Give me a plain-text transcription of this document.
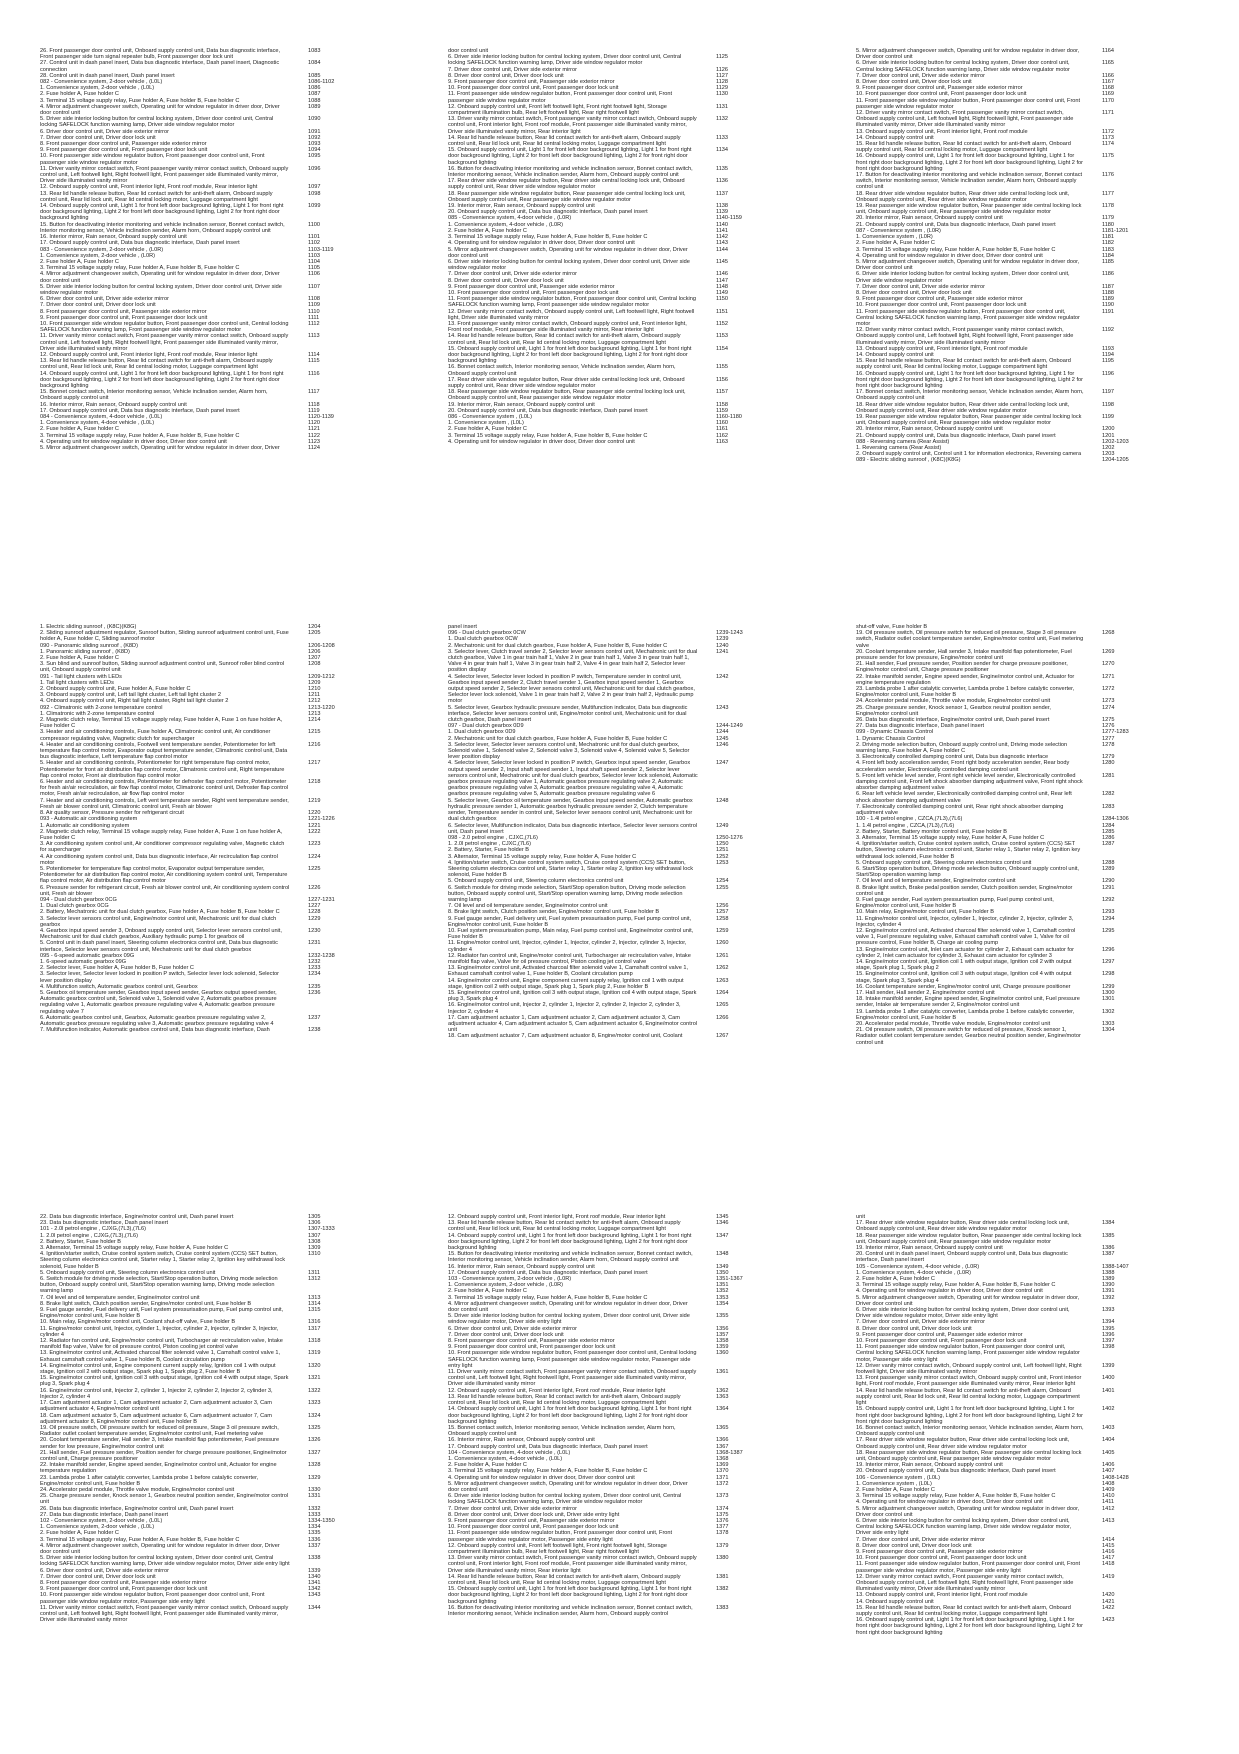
26. Front passenger door control unit, Onboard supply control unit, Data bus diagnostic interface, Front passenger side turn signal repeater bulb, Front passenger door lock unit
1083
27. Control unit in dash panel insert, Data bus diagnostic interface, Dash panel insert, Diagnostic connection
1084
28. Control unit in dash panel insert, Dash panel insert	1085
082 - Convenience system, 2-door vehicle , (L0L)	1086-1102
1. Convenience system, 2-door vehicle , (L0L)	1086
2. Fuse holder A, Fuse holder C	1087
3. Terminal 15 voltage supply relay, Fuse holder A, Fuse holder B, Fuse holder C	1088
4. Mirror adjustment changeover switch, Operating unit for window regulator in driver door, Driver door control unit
1089
5. Driver side interior locking button for central locking system, Driver door control unit, Central locking SAFELOCK function warning lamp, Driver side window regulator motor
1090
6. Driver door control unit, Driver side exterior mirror	1091
7. Driver door control unit, Driver door lock unit	1092
8. Front passenger door control unit, Passenger side exterior mirror	1093
9. Front passenger door control unit, Front passenger door lock unit	1094
10. Front passenger side window regulator button, Front passenger door control unit, Front passenger side window regulator motor
1095
11. Driver vanity mirror contact switch, Front passenger vanity mirror contact switch, Onboard supply control unit, Left footwell light, Right footwell light, Front passenger side illuminated vanity mirror, Driver side illuminated vanity mirror
1096
12. Onboard supply control unit, Front interior light, Front roof module, Rear interior light	1097
13. Rear lid handle release button, Rear lid contact switch for anti-theft alarm, Onboard supply control unit, Rear lid lock unit, Rear lid central locking motor, Luggage compartment light
1098
14. Onboard supply control unit, Light 1 for front left door background lighting, Light 1 for front right door background lighting, Light 2 for front left door background lighting, Light 2 for front right door background lighting
1099
15. Button for deactivating interior monitoring and vehicle inclination sensor, Bonnet contact switch, Interior monitoring sensor, Vehicle inclination sender, Alarm horn, Onboard supply control unit
1100
16. Interior mirror, Rain sensor, Onboard supply control unit	1101
17. Onboard supply control unit, Data bus diagnostic interface, Dash panel insert	1102
083 - Convenience system, 2-door vehicle , (L0R)	1103-1119
1. Convenience system, 2-door vehicle , (L0R)	1103
2. Fuse holder A, Fuse holder C	1104
3. Terminal 15 voltage supply relay, Fuse holder A, Fuse holder B, Fuse holder C	1105
4. Mirror adjustment changeover switch, Operating unit for window regulator in driver door, Driver door control unit
1106
5. Driver side interior locking button for central locking system, Driver door control unit, Driver side window regulator motor
1107
6. Driver door control unit, Driver side exterior mirror	1108
7. Driver door control unit, Driver door lock unit	1109
8. Front passenger door control unit, Passenger side exterior mirror	1110
9. Front passenger door control unit, Front passenger door lock unit	1111
10. Front passenger side window regulator button, Front passenger door control unit, Central locking SAFELOCK function warning lamp, Front passenger side window regulator motor
1112
11. Driver vanity mirror contact switch, Front passenger vanity mirror contact switch, Onboard supply control unit, Left footwell light, Right footwell light, Front passenger side illuminated vanity mirror, Driver side illuminated vanity mirror
1113
12. Onboard supply control unit, Front interior light, Front roof module, Rear interior light	1114
13. Rear lid handle release button, Rear lid contact switch for anti-theft alarm, Onboard supply control unit, Rear lid lock unit, Rear lid central locking motor, Luggage compartment light
1115
14. Onboard supply control unit, Light 1 for front left door background lighting, Light 1 for front right door background lighting, Light 2 for front left door background lighting, Light 2 for front right door background lighting
1116
15. Bonnet contact switch, Interior monitoring sensor, Vehicle inclination sender, Alarm horn, Onboard supply control unit
1117
16. Interior mirror, Rain sensor, Onboard supply control unit	1118
17. Onboard supply control unit, Data bus diagnostic interface, Dash panel insert	1119
084 - Convenience system, 4-door vehicle , (L0L)	1120-1139
1. Convenience system, 4-door vehicle , (L0L)	1120
2. Fuse holder A, Fuse holder C	1121
3. Terminal 15 voltage supply relay, Fuse holder A, Fuse holder B, Fuse holder C	1122
4. Operating unit for window regulator in driver door, Driver door control unit	1123
5. Mirror adjustment changeover switch, Operating unit for window regulator in driver door, Driver	1124
door control unit
6. Driver side interior locking button for central locking system, Driver door control unit, Central locking SAFELOCK function warning lamp, Driver side window regulator motor
1125
7. Driver door control unit, Driver side exterior mirror	1126
8. Driver door control unit, Driver door lock unit	1127
9. Front passenger door control unit, Passenger side exterior mirror	1128
10. Front passenger door control unit, Front passenger door lock unit	1129
11. Front passenger side window regulator button, Front passenger door control unit, Front passenger side window regulator motor
1130
12. Onboard supply control unit, Front left footwell light, Front right footwell light, Storage compartment illumination bulb, Rear left footwell light, Rear right footwell light
1131
13. Driver vanity mirror contact switch, Front passenger vanity mirror contact switch, Onboard supply control unit, Front interior light, Front roof module, Front passenger side illuminated vanity mirror, Driver side illuminated vanity mirror, Rear interior light
1132
14. Rear lid handle release button, Rear lid contact switch for anti-theft alarm, Onboard supply control unit, Rear lid lock unit, Rear lid central locking motor, Luggage compartment light
1133
15. Onboard supply control unit, Light 1 for front left door background lighting, Light 1 for front right door background lighting, Light 2 for front left door background lighting, Light 2 for front right door background lighting
1134
16. Button for deactivating interior monitoring and vehicle inclination sensor, Bonnet contact switch, Interior monitoring sensor, Vehicle inclination sender, Alarm horn, Onboard supply control unit
1135
17. Rear driver side window regulator button, Rear driver side central locking lock unit, Onboard supply control unit, Rear driver side window regulator motor
1136
18. Rear passenger side window regulator button, Rear passenger side central locking lock unit, Onboard supply control unit, Rear passenger side window regulator motor
1137
19. Interior mirror, Rain sensor, Onboard supply control unit	1138
20. Onboard supply control unit, Data bus diagnostic interface, Dash panel insert	1139
085 - Convenience system, 4-door vehicle , (L0R)	1140-1159
1. Convenience system, 4-door vehicle , (L0R)	1140
2. Fuse holder A, Fuse holder C	1141
3. Terminal 15 voltage supply relay, Fuse holder A, Fuse holder B, Fuse holder C	1142
4. Operating unit for window regulator in driver door, Driver door control unit	1143
5. Mirror adjustment changeover switch, Operating unit for window regulator in driver door, Driver door control unit
1144
6. Driver side interior locking button for central locking system, Driver door control unit, Driver side window regulator motor
1145
7. Driver door control unit, Driver side exterior mirror	1146
8. Driver door control unit, Driver door lock unit	1147
9. Front passenger door control unit, Passenger side exterior mirror	1148
10. Front passenger door control unit, Front passenger door lock unit	1149
11. Front passenger side window regulator button, Front passenger door control unit, Central locking SAFELOCK function warning lamp, Front passenger side window regulator motor
1150
12. Driver vanity mirror contact switch, Onboard supply control unit, Left footwell light, Right footwell light, Driver side illuminated vanity mirror
1151
13. Front passenger vanity mirror contact switch, Onboard supply control unit, Front interior light, Front roof module, Front passenger side illuminated vanity mirror, Rear interior light
1152
14. Rear lid handle release button, Rear lid contact switch for anti-theft alarm, Onboard supply control unit, Rear lid lock unit, Rear lid central locking motor, Luggage compartment light
1153
15. Onboard supply control unit, Light 1 for front left door background lighting, Light 1 for front right door background lighting, Light 2 for front left door background lighting, Light 2 for front right door background lighting
1154
16. Bonnet contact switch, Interior monitoring sensor, Vehicle inclination sender, Alarm horn, Onboard supply control unit
1155
17. Rear driver side window regulator button, Rear driver side central locking lock unit, Onboard supply control unit, Rear driver side window regulator motor
1156
18. Rear passenger side window regulator button, Rear passenger side central locking lock unit, Onboard supply control unit, Rear passenger side window regulator motor
1157
19. Interior mirror, Rain sensor, Onboard supply control unit	1158
20. Onboard supply control unit, Data bus diagnostic interface, Dash panel insert	1159
086 - Convenience system , (L0L)	1160-1180
1. Convenience system , (L0L)	1160
2. Fuse holder A, Fuse holder C	1161
3. Terminal 15 voltage supply relay, Fuse holder A, Fuse holder B, Fuse holder C	1162
4. Operating unit for window regulator in driver door, Driver door control unit	1163
5. Mirror adjustment changeover switch, Operating unit for window regulator in driver door, Driver door control unit
1164
6. Driver side interior locking button for central locking system, Driver door control unit, Central locking SAFELOCK function warning lamp, Driver side window regulator motor
1165
7. Driver door control unit, Driver side exterior mirror	1166
8. Driver door control unit, Driver door lock unit	1167
9. Front passenger door control unit, Passenger side exterior mirror	1168
10. Front passenger door control unit, Front passenger door lock unit	1169
11. Front passenger side window regulator button, Front passenger door control unit, Front passenger side window regulator motor
1170
12. Driver vanity mirror contact switch, Front passenger vanity mirror contact switch, Onboard supply control unit, Left footwell light, Right footwell light, Front passenger side illuminated vanity mirror, Driver side illuminated vanity mirror
1171
13. Onboard supply control unit, Front interior light, Front roof module	1172
14. Onboard supply control unit	1173
15. Rear lid handle release button, Rear lid contact switch for anti-theft alarm, Onboard supply control unit, Rear lid central locking motor, Luggage compartment light
1174
16. Onboard supply control unit, Light 1 for front left door background lighting, Light 1 for front right door background lighting, Light 2 for front left door background lighting, Light 2 for front right door background lighting
1175
17. Button for deactivating interior monitoring and vehicle inclination sensor, Bonnet contact switch, Interior monitoring sensor, Vehicle inclination sender, Alarm horn, Onboard supply control unit
1176
18. Rear driver side window regulator button, Rear driver side central locking lock unit, Onboard supply control unit, Rear driver side window regulator motor
1177
19. Rear passenger side window regulator button, Rear passenger side central locking lock unit, Onboard supply control unit, Rear passenger side window regulator motor
1178
20. Interior mirror, Rain sensor, Onboard supply control unit	1179
21. Onboard supply control unit, Data bus diagnostic interface, Dash panel insert	1180
087 - Convenience system , (L0R)	1181-1201
1. Convenience system , (L0R)	1181
2. Fuse holder A, Fuse holder C	1182
3. Terminal 15 voltage supply relay, Fuse holder A, Fuse holder B, Fuse holder C	1183
4. Operating unit for window regulator in driver door, Driver door control unit	1184
5. Mirror adjustment changeover switch, Operating unit for window regulator in driver door, Driver door control unit
1185
6. Driver side interior locking button for central locking system, Driver door control unit, Driver side window regulator motor
1186
7. Driver door control unit, Driver side exterior mirror	1187
8. Driver door control unit, Driver door lock unit	1188
9. Front passenger door control unit, Passenger side exterior mirror	1189
10. Front passenger door control unit, Front passenger door lock unit	1190
11. Front passenger side window regulator button, Front passenger door control unit, Central locking SAFELOCK function warning lamp, Front passenger side window regulator motor
1191
12. Driver vanity mirror contact switch, Front passenger vanity mirror contact switch, Onboard supply control unit, Left footwell light, Right footwell light, Front passenger side illuminated vanity mirror, Driver side illuminated vanity mirror
1192
13. Onboard supply control unit, Front interior light, Front roof module	1193
14. Onboard supply control unit	1194
15. Rear lid handle release button, Rear lid contact switch for anti-theft alarm, Onboard supply control unit, Rear lid central locking motor, Luggage compartment light
1195
16. Onboard supply control unit, Light 1 for front left door background lighting, Light 1 for front right door background lighting, Light 2 for front left door background lighting, Light 2 for front right door background lighting
1196
17. Bonnet contact switch, Interior monitoring sensor, Vehicle inclination sender, Alarm horn, Onboard supply control unit
1197
18. Rear driver side window regulator button, Rear driver side central locking lock unit, Onboard supply control unit, Rear driver side window regulator motor
1198
19. Rear passenger side window regulator button, Rear passenger side central locking lock unit, Onboard supply control unit, Rear passenger side window regulator motor
1199
20. Interior mirror, Rain sensor, Onboard supply control unit	1200
21. Onboard supply control unit, Data bus diagnostic interface, Dash panel insert	1201
088 - Reversing camera (Rear Assist)	1202-1203
1. Reversing camera (Rear Assist)	1202
2. Onboard supply control unit, Control unit 1 for information electronics, Reversing camera	1203
089 - Electric sliding sunroof , (K8C)(K8G)	1204-1205
1. Electric sliding sunroof , (K8C)(K8G)	1204
2. Sliding sunroof adjustment regulator, Sunroof button, Sliding sunroof adjustment control unit, Fuse holder A, Fuse holder C, Sliding sunroof motor
1205
090 - Panoramic sliding sunroof , (K8D)	1206-1208
1. Panoramic sliding sunroof , (K8D)	1206
2. Fuse holder A, Fuse holder C	1207
3. Sun blind and sunroof button, Sliding sunroof adjustment control unit, Sunroof roller blind control unit, Onboard supply control unit
1208
091 - Tail light clusters with LEDs	1209-1212
1. Tail light clusters with LEDs	1209
2. Onboard supply control unit, Fuse holder A, Fuse holder C	1210
3. Onboard supply control unit, Left tail light cluster, Left tail light cluster 2	1211
4. Onboard supply control unit, Right tail light cluster, Right tail light cluster 2	1212
092 - Climatronic with 2-zone temperature control	1213-1220
1. Climatronic with 2-zone temperature control	1213
2. Magnetic clutch relay, Terminal 15 voltage supply relay, Fuse holder A, Fuse 1 on fuse holder A, Fuse holder C
1214
3. Heater and air conditioning controls, Fuse holder A, Climatronic control unit, Air conditioner compressor regulating valve, Magnetic clutch for supercharger
1215
4. Heater and air conditioning controls, Footwell vent temperature sender, Potentiometer for left temperature flap control motor, Evaporator output temperature sender, Climatronic control unit, Data bus diagnostic interface, Left temperature flap control motor
1216
5. Heater and air conditioning controls, Potentiometer for right temperature flap control motor, Potentiometer for front air distribution flap control motor, Climatronic control unit, Right temperature flap control motor, Front air distribution flap control motor
1217
6. Heater and air conditioning controls, Potentiometer for defroster flap control motor, Potentiometer for fresh air/air recirculation, air flow flap control motor, Climatronic control unit, Defroster flap control motor, Fresh air/air recirculation, air flow flap control motor
1218
7. Heater and air conditioning controls, Left vent temperature sender, Right vent temperature sender, Fresh air blower control unit, Climatronic control unit, Fresh air blower
1219
8. Air quality sensor, Pressure sender for refrigerant circuit	1220
093 - Automatic air conditioning system	1221-1226
1. Automatic air conditioning system	1221
2. Magnetic clutch relay, Terminal 15 voltage supply relay, Fuse holder A, Fuse 1 on fuse holder A, Fuse holder C
1222
3. Air conditioning system control unit, Air conditioner compressor regulating valve, Magnetic clutch for supercharger
1223
4. Air conditioning system control unit, Data bus diagnostic interface, Air recirculation flap control motor
1224
5. Potentiometer for temperature flap control motor, Evaporator output temperature sender, Potentiometer for air distribution flap control motor, Air conditioning system control unit, Temperature flap control motor, Air distribution flap control motor
1225
6. Pressure sender for refrigerant circuit, Fresh air blower control unit, Air conditioning system control unit, Fresh air blower
1226
094 - Dual clutch gearbox 0CG	1227-1231
1. Dual clutch gearbox 0CG	1227
2. Battery, Mechatronic unit for dual clutch gearbox, Fuse holder A, Fuse holder B, Fuse holder C	1228
3. Selector lever sensors control unit, Engine/motor control unit, Mechatronic unit for dual clutch gearbox
1229
4. Gearbox input speed sender 3, Onboard supply control unit, Selector lever sensors control unit, Mechatronic unit for dual clutch gearbox, Auxiliary hydraulic pump 1 for gearbox oil
1230
5. Control unit in dash panel insert, Steering column electronics control unit, Data bus diagnostic interface, Selector lever sensors control unit, Mechatronic unit for dual clutch gearbox
1231
095 - 6-speed automatic gearbox 09G	1232-1238
1. 6-speed automatic gearbox 09G	1232
2. Selector lever, Fuse holder A, Fuse holder B, Fuse holder C	1233
3. Selector lever, Selector lever locked in position P switch, Selector lever lock solenoid, Selector lever position display
1234
4. Multifunction switch, Automatic gearbox control unit, Gearbox	1235
5. Gearbox oil temperature sender, Gearbox input speed sender, Gearbox output speed sender, Automatic gearbox control unit, Solenoid valve 1, Solenoid valve 2, Automatic gearbox pressure regulating valve 1, Automatic gearbox pressure regulating valve 4, Automatic gearbox pressure regulating valve 7
1236
6. Automatic gearbox control unit, Gearbox, Automatic gearbox pressure regulating valve 2, Automatic gearbox pressure regulating valve 3, Automatic gearbox pressure regulating valve 4
1237
7. Multifunction indicator, Automatic gearbox control unit, Data bus diagnostic interface, Dash	1238
panel insert
096 - Dual clutch gearbox 0CW	1239-1243
1. Dual clutch gearbox 0CW	1239
2. Mechatronic unit for dual clutch gearbox, Fuse holder A, Fuse holder B, Fuse holder C	1240
3. Selector lever, Clutch travel sender 2, Selector lever sensors control unit, Mechatronic unit for dual clutch gearbox, Valve 1 in gear train half 1, Valve 2 in gear train half 1, Valve 3 in gear train half 1, Valve 4 in gear train half 1, Valve 3 in gear train half 2, Valve 4 in gear train half 2, Selector lever position display
1241
4. Selector lever, Selector lever locked in position P switch, Temperature sender in control unit, Gearbox input speed sender 2, Clutch travel sender 1, Gearbox input speed sender 1, Gearbox output speed sender 2, Selector lever sensors control unit, Mechatronic unit for dual clutch gearbox, Selector lever lock solenoid, Valve 1 in gear train half 2, Valve 2 in gear train half 2, Hydraulic pump motor
1242
5. Selector lever, Gearbox hydraulic pressure sender, Multifunction indicator, Data bus diagnostic interface, Selector lever sensors control unit, Engine/motor control unit, Mechatronic unit for dual clutch gearbox, Dash panel insert
1243
097 - Dual clutch gearbox 0D9	1244-1249
1. Dual clutch gearbox 0D9	1244
2. Mechatronic unit for dual clutch gearbox, Fuse holder A, Fuse holder B, Fuse holder C	1245
3. Selector lever, Selector lever sensors control unit, Mechatronic unit for dual clutch gearbox, Solenoid valve 1, Solenoid valve 2, Solenoid valve 3, Solenoid valve 4, Solenoid valve 5, Selector lever position display
1246
4. Selector lever, Selector lever locked in position P switch, Gearbox input speed sender, Gearbox output speed sender 2, Input shaft speed sender 1, Input shaft speed sender 2, Selector lever sensors control unit, Mechatronic unit for dual clutch gearbox, Selector lever lock solenoid, Automatic gearbox pressure regulating valve 1, Automatic gearbox pressure regulating valve 2, Automatic gearbox pressure regulating valve 3, Automatic gearbox pressure regulating valve 4, Automatic gearbox pressure regulating valve 5, Automatic gearbox pressure regulating valve 6
1247
5. Selector lever, Gearbox oil temperature sender, Gearbox input speed sender, Automatic gearbox hydraulic pressure sender 1, Automatic gearbox hydraulic pressure sender 2, Clutch temperature sender, Temperature sender in control unit, Selector lever sensors control unit, Mechatronic unit for dual clutch gearbox
1248
6. Selector lever, Multifunction indicator, Data bus diagnostic interface, Selector lever sensors control unit, Dash panel insert
1249
098 - 2.0 petrol engine , CJXC,(7L6)	1250-1276
1. 2.0l petrol engine , CJXC,(7L6)	1250
2. Battery, Starter, Fuse holder B	1251
3. Alternator, Terminal 15 voltage supply relay, Fuse holder A, Fuse holder C	1252
4. Ignition/starter switch, Cruise control system switch, Cruise control system (CCS) SET button, Steering column electronics control unit, Starter relay 1, Starter relay 2, Ignition key withdrawal lock solenoid, Fuse holder B
1253
5. Onboard supply control unit, Steering column electronics control unit	1254
6. Switch module for driving mode selection, Start/Stop operation button, Driving mode selection button, Onboard supply control unit, Start/Stop operation warning lamp, Driving mode selection warning lamp
1255
7. Oil level and oil temperature sender, Engine/motor control unit	1256
8. Brake light switch, Clutch position sender, Engine/motor control unit, Fuse holder B	1257
9. Fuel gauge sender, Fuel delivery unit, Fuel system pressurisation pump, Fuel pump control unit, Engine/motor control unit, Fuse holder B
1258
10. Fuel system pressurisation pump, Main relay, Fuel pump control unit, Engine/motor control unit, Fuse holder B
1259
11. Engine/motor control unit, Injector, cylinder 1, Injector, cylinder 2, Injector, cylinder 3, Injector, cylinder 4
1260
12. Radiator fan control unit, Engine/motor control unit, Turbocharger air recirculation valve, Intake manifold flap valve, Valve for oil pressure control, Piston cooling jet control valve
1261
13. Engine/motor control unit, Activated charcoal filter solenoid valve 1, Camshaft control valve 1, Exhaust camshaft control valve 1, Fuse holder B, Coolant circulation pump
1262
14. Engine/motor control unit, Engine component current supply relay, Ignition coil 1 with output stage, Ignition coil 2 with output stage, Spark plug 1, Spark plug 2, Fuse holder B
1263
15. Engine/motor control unit, Ignition coil 3 with output stage, Ignition coil 4 with output stage, Spark plug 3, Spark plug 4
1264
16. Engine/motor control unit, Injector 2, cylinder 1, Injector 2, cylinder 2, Injector 2, cylinder 3, Injector 2, cylinder 4
1265
17. Cam adjustment actuator 1, Cam adjustment actuator 2, Cam adjustment actuator 3, Cam adjustment actuator 4, Cam adjustment actuator 5, Cam adjustment actuator 6, Engine/motor control unit
1266
18. Cam adjustment actuator 7, Cam adjustment actuator 8, Engine/motor control unit, Coolant	1267
shut-off valve, Fuse holder B
19. Oil pressure switch, Oil pressure switch for reduced oil pressure, Stage 3 oil pressure switch, Radiator outlet coolant temperature sender, Engine/motor control unit, Fuel metering valve
1268
20. Coolant temperature sender, Hall sender 3, Intake manifold flap potentiometer, Fuel pressure sender for low pressure, Engine/motor control unit
1269
21. Hall sender, Fuel pressure sender, Position sender for charge pressure positioner, Engine/motor control unit, Charge pressure positioner
1270
22. Intake manifold sender, Engine speed sender, Engine/motor control unit, Actuator for engine temperature regulation
1271
23. Lambda probe 1 after catalytic converter, Lambda probe 1 before catalytic converter, Engine/motor control unit, Fuse holder B
1272
24. Accelerator pedal module, Throttle valve module, Engine/motor control unit	1273
25. Charge pressure sender, Knock sensor 1, Gearbox neutral position sender, Engine/motor control unit
1274
26. Data bus diagnostic interface, Engine/motor control unit, Dash panel insert	1275
27. Data bus diagnostic interface, Dash panel insert	1276
099 - Dynamic Chassis Control	1277-1283
1. Dynamic Chassis Control	1277
2. Driving mode selection button, Onboard supply control unit, Driving mode selection warning lamp, Fuse holder A, Fuse holder C
1278
3. Electronically controlled damping control unit, Data bus diagnostic interface	1279
4. Front left body acceleration sender, Front right body acceleration sender, Rear body acceleration sender, Electronically controlled damping control unit
1280
5. Front left vehicle level sender, Front right vehicle level sender, Electronically controlled damping control unit, Front left shock absorber damping adjustment valve, Front right shock absorber damping adjustment valve
1281
6. Rear left vehicle level sender, Electronically controlled damping control unit, Rear left shock absorber damping adjustment valve
1282
7. Electronically controlled damping control unit, Rear right shock absorber damping adjustment valve
1283
100 - 1.4l petrol engine , CZCA,(7L3),(7L6)	1284-1306
1. 1.4l petrol engine , CZCA,(7L3),(7L6)	1284
2. Battery, Starter, Battery monitor control unit, Fuse holder B	1285
3. Alternator, Terminal 15 voltage supply relay, Fuse holder A, Fuse holder C	1286
4. Ignition/starter switch, Cruise control system switch, Cruise control system (CCS) SET button, Steering column electronics control unit, Starter relay 1, Starter relay 2, Ignition key withdrawal lock solenoid, Fuse holder B
1287
5. Onboard supply control unit, Steering column electronics control unit	1288
6. Start/Stop operation button, Driving mode selection button, Onboard supply control unit, Start/Stop operation warning lamp
1289
7. Oil level and oil temperature sender, Engine/motor control unit	1290
8. Brake light switch, Brake pedal position sender, Clutch position sender, Engine/motor control unit
1291
9. Fuel gauge sender, Fuel system pressurisation pump, Fuel pump control unit, Engine/motor control unit, Fuse holder B
1292
10. Main relay, Engine/motor control unit, Fuse holder B	1293
11. Engine/motor control unit, Injector, cylinder 1, Injector, cylinder 2, Injector, cylinder 3, Injector, cylinder 4
1294
12. Engine/motor control unit, Activated charcoal filter solenoid valve 1, Camshaft control valve 1, Fuel pressure regulating valve, Exhaust camshaft control valve 1, Valve for oil pressure control, Fuse holder B, Charge air cooling pump
1295
13. Engine/motor control unit, Inlet cam actuator for cylinder 2, Exhaust cam actuator for cylinder 2, Inlet cam actuator for cylinder 3, Exhaust cam actuator for cylinder 3
1296
14. Engine/motor control unit, Ignition coil 1 with output stage, Ignition coil 2 with output stage, Spark plug 1, Spark plug 2
1297
15. Engine/motor control unit, Ignition coil 3 with output stage, Ignition coil 4 with output stage, Spark plug 3, Spark plug 4
1298
16. Coolant temperature sender, Engine/motor control unit, Charge pressure positioner	1299
17. Hall sender, Hall sender 2, Engine/motor control unit	1300
18. Intake manifold sender, Engine speed sender, Engine/motor control unit, Fuel pressure sender, Intake air temperature sender 2, Engine/motor control unit
1301
19. Lambda probe 1 after catalytic converter, Lambda probe 1 before catalytic converter, Engine/motor control unit, Fuse holder B
1302
20. Accelerator pedal module, Throttle valve module, Engine/motor control unit	1303
21. Oil pressure switch, Oil pressure switch for reduced oil pressure, Knock sensor 1, Radiator outlet coolant temperature sender, Gearbox neutral position sender, Engine/motor control unit
1304
22. Data bus diagnostic interface, Engine/motor control unit, Dash panel insert	1305
23. Data bus diagnostic interface, Dash panel insert	1306
101 - 2.0l petrol engine , CJXG,(7L3),(7L6)	1307-1333
1. 2.0l petrol engine , CJXG,(7L3),(7L6)	1307
2. Battery, Starter, Fuse holder B	1308
3. Alternator, Terminal 15 voltage supply relay, Fuse holder A, Fuse holder C	1309
4. Ignition/starter switch, Cruise control system switch, Cruise control system (CCS) SET button, Steering column electronics control unit, Starter relay 1, Starter relay 2, Ignition key withdrawal lock solenoid, Fuse holder B
1310
5. Onboard supply control unit, Steering column electronics control unit	1311
6. Switch module for driving mode selection, Start/Stop operation button, Driving mode selection button, Onboard supply control unit, Start/Stop operation warning lamp, Driving mode selection warning lamp
1312
7. Oil level and oil temperature sender, Engine/motor control unit	1313
8. Brake light switch, Clutch position sender, Engine/motor control unit, Fuse holder B	1314
9. Fuel gauge sender, Fuel delivery unit, Fuel system pressurisation pump, Fuel pump control unit, Engine/motor control unit, Fuse holder B
1315
10. Main relay, Engine/motor control unit, Coolant shut-off valve, Fuse holder B	1316
11. Engine/motor control unit, Injector, cylinder 1, Injector, cylinder 2, Injector, cylinder 3, Injector, cylinder 4
1317
12. Radiator fan control unit, Engine/motor control unit, Turbocharger air recirculation valve, Intake manifold flap valve, Valve for oil pressure control, Piston cooling jet control valve
1318
13. Engine/motor control unit, Activated charcoal filter solenoid valve 1, Camshaft control valve 1, Exhaust camshaft control valve 1, Fuse holder B, Coolant circulation pump
1319
14. Engine/motor control unit, Engine component current supply relay, Ignition coil 1 with output stage, Ignition coil 2 with output stage, Spark plug 1, Spark plug 2, Fuse holder B
1320
15. Engine/motor control unit, Ignition coil 3 with output stage, Ignition coil 4 with output stage, Spark plug 3, Spark plug 4
1321
16. Engine/motor control unit, Injector 2, cylinder 1, Injector 2, cylinder 2, Injector 2, cylinder 3, Injector 2, cylinder 4
1322
17. Cam adjustment actuator 1, Cam adjustment actuator 2, Cam adjustment actuator 3, Cam adjustment actuator 4, Engine/motor control unit
1323
18. Cam adjustment actuator 5, Cam adjustment actuator 6, Cam adjustment actuator 7, Cam adjustment actuator 8, Engine/motor control unit, Fuse holder B
1324
19. Oil pressure switch, Oil pressure switch for reduced oil pressure, Stage 3 oil pressure switch, Radiator outlet coolant temperature sender, Engine/motor control unit, Fuel metering valve
1325
20. Coolant temperature sender, Hall sender 3, Intake manifold flap potentiometer, Fuel pressure sender for low pressure, Engine/motor control unit
1326
21. Hall sender, Fuel pressure sender, Position sender for charge pressure positioner, Engine/motor control unit, Charge pressure positioner
1327
22. Intake manifold sender, Engine speed sender, Engine/motor control unit, Actuator for engine temperature regulation
1328
23. Lambda probe 1 after catalytic converter, Lambda probe 1 before catalytic converter, Engine/motor control unit, Fuse holder B
1329
24. Accelerator pedal module, Throttle valve module, Engine/motor control unit	1330
25. Charge pressure sender, Knock sensor 1, Gearbox neutral position sender, Engine/motor control unit
1331
26. Data bus diagnostic interface, Engine/motor control unit, Dash panel insert	1332
27. Data bus diagnostic interface, Dash panel insert	1333
102 - Convenience system, 2-door vehicle , (L0L)	1334-1350
1. Convenience system, 2-door vehicle , (L0L)	1334
2. Fuse holder A, Fuse holder C	1335
3. Terminal 15 voltage supply relay, Fuse holder A, Fuse holder B, Fuse holder C	1336
4. Mirror adjustment changeover switch, Operating unit for window regulator in driver door, Driver door control unit
1337
5. Driver side interior locking button for central locking system, Driver door control unit, Central locking SAFELOCK function warning lamp, Driver side window regulator motor, Driver side entry light
1338
6. Driver door control unit, Driver side exterior mirror	1339
7. Driver door control unit, Driver door lock unit	1340
8. Front passenger door control unit, Passenger side exterior mirror	1341
9. Front passenger door control unit, Front passenger door lock unit	1342
10. Front passenger side window regulator button, Front passenger door control unit, Front passenger side window regulator motor, Passenger side entry light
1343
11. Driver vanity mirror contact switch, Front passenger vanity mirror contact switch, Onboard supply control unit, Left footwell light, Right footwell light, Front passenger side illuminated vanity mirror, Driver side illuminated vanity mirror
1344
12. Onboard supply control unit, Front interior light, Front roof module, Rear interior light	1345
13. Rear lid handle release button, Rear lid contact switch for anti-theft alarm, Onboard supply control unit, Rear lid lock unit, Rear lid central locking motor, Luggage compartment light
1346
14. Onboard supply control unit, Light 1 for front left door background lighting, Light 1 for front right door background lighting, Light 2 for front left door background lighting, Light 2 for front right door background lighting
1347
15. Button for deactivating interior monitoring and vehicle inclination sensor, Bonnet contact switch, Interior monitoring sensor, Vehicle inclination sender, Alarm horn, Onboard supply control unit
1348
16. Interior mirror, Rain sensor, Onboard supply control unit	1349
17. Onboard supply control unit, Data bus diagnostic interface, Dash panel insert	1350
103 - Convenience system, 2-door vehicle , (L0R)	1351-1367
1. Convenience system, 2-door vehicle , (L0R)	1351
2. Fuse holder A, Fuse holder C	1352
3. Terminal 15 voltage supply relay, Fuse holder A, Fuse holder B, Fuse holder C	1353
4. Mirror adjustment changeover switch, Operating unit for window regulator in driver door, Driver door control unit
1354
5. Driver side interior locking button for central locking system, Driver door control unit, Driver side window regulator motor, Driver side entry light
1355
6. Driver door control unit, Driver side exterior mirror	1356
7. Driver door control unit, Driver door lock unit	1357
8. Front passenger door control unit, Passenger side exterior mirror	1358
9. Front passenger door control unit, Front passenger door lock unit	1359
10. Front passenger side window regulator button, Front passenger door control unit, Central locking SAFELOCK function warning lamp, Front passenger side window regulator motor, Passenger side entry light
1360
11. Driver vanity mirror contact switch, Front passenger vanity mirror contact switch, Onboard supply control unit, Left footwell light, Right footwell light, Front passenger side illuminated vanity mirror, Driver side illuminated vanity mirror
1361
12. Onboard supply control unit, Front interior light, Front roof module, Rear interior light	1362
13. Rear lid handle release button, Rear lid contact switch for anti-theft alarm, Onboard supply control unit, Rear lid lock unit, Rear lid central locking motor, Luggage compartment light
1363
14. Onboard supply control unit, Light 1 for front left door background lighting, Light 1 for front right door background lighting, Light 2 for front left door background lighting, Light 2 for front right door background lighting
1364
15. Bonnet contact switch, Interior monitoring sensor, Vehicle inclination sender, Alarm horn, Onboard supply control unit
1365
16. Interior mirror, Rain sensor, Onboard supply control unit	1366
17. Onboard supply control unit, Data bus diagnostic interface, Dash panel insert	1367
104 - Convenience system, 4-door vehicle , (L0L)	1368-1387
1. Convenience system, 4-door vehicle , (L0L)	1368
2. Fuse holder A, Fuse holder C	1369
3. Terminal 15 voltage supply relay, Fuse holder A, Fuse holder B, Fuse holder C	1370
4. Operating unit for window regulator in driver door, Driver door control unit	1371
5. Mirror adjustment changeover switch, Operating unit for window regulator in driver door, Driver door control unit
1372
6. Driver side interior locking button for central locking system, Driver door control unit, Central locking SAFELOCK function warning lamp, Driver side window regulator motor
1373
7. Driver door control unit, Driver side exterior mirror	1374
8. Driver door control unit, Driver door lock unit, Driver side entry light	1375
9. Front passenger door control unit, Passenger side exterior mirror	1376
10. Front passenger door control unit, Front passenger door lock unit	1377
11. Front passenger side window regulator button, Front passenger door control unit, Front passenger side window regulator motor, Passenger side entry light
1378
12. Onboard supply control unit, Front left footwell light, Front right footwell light, Storage compartment illumination bulb, Rear left footwell light, Rear right footwell light
1379
13. Driver vanity mirror contact switch, Front passenger vanity mirror contact switch, Onboard supply control unit, Front interior light, Front roof module, Front passenger side illuminated vanity mirror, Driver side illuminated vanity mirror, Rear interior light
1380
14. Rear lid handle release button, Rear lid contact switch for anti-theft alarm, Onboard supply control unit, Rear lid lock unit, Rear lid central locking motor, Luggage compartment light
1381
15. Onboard supply control unit, Light 1 for front left door background lighting, Light 1 for front right door background lighting, Light 2 for front left door background lighting, Light 2 for front right door background lighting
1382
16. Button for deactivating interior monitoring and vehicle inclination sensor, Bonnet contact switch, Interior monitoring sensor, Vehicle inclination sender, Alarm horn, Onboard supply control
1383
unit
17. Rear driver side window regulator button, Rear driver side central locking lock unit, Onboard supply control unit, Rear driver side window regulator motor
1384
18. Rear passenger side window regulator button, Rear passenger side central locking lock unit, Onboard supply control unit, Rear passenger side window regulator motor
1385
19. Interior mirror, Rain sensor, Onboard supply control unit	1386
20. Control unit in dash panel insert, Onboard supply control unit, Data bus diagnostic interface, Dash panel insert
1387
105 - Convenience system, 4-door vehicle , (L0R)	1388-1407
1. Convenience system, 4-door vehicle , (L0R)	1388
2. Fuse holder A, Fuse holder C	1389
3. Terminal 15 voltage supply relay, Fuse holder A, Fuse holder B, Fuse holder C	1390
4. Operating unit for window regulator in driver door, Driver door control unit	1391
5. Mirror adjustment changeover switch, Operating unit for window regulator in driver door, Driver door control unit
1392
6. Driver side interior locking button for central locking system, Driver door control unit, Driver side window regulator motor, Driver side entry light
1393
7. Driver door control unit, Driver side exterior mirror	1394
8. Driver door control unit, Driver door lock unit	1395
9. Front passenger door control unit, Passenger side exterior mirror	1396
10. Front passenger door control unit, Front passenger door lock unit	1397
11. Front passenger side window regulator button, Front passenger door control unit, Central locking SAFELOCK function warning lamp, Front passenger side window regulator motor, Passenger side entry light
1398
12. Driver vanity mirror contact switch, Onboard supply control unit, Left footwell light, Right footwell light, Driver side illuminated vanity mirror
1399
13. Front passenger vanity mirror contact switch, Onboard supply control unit, Front interior light, Front roof module, Front passenger side illuminated vanity mirror, Rear interior light
1400
14. Rear lid handle release button, Rear lid contact switch for anti-theft alarm, Onboard supply control unit, Rear lid lock unit, Rear lid central locking motor, Luggage compartment light
1401
15. Onboard supply control unit, Light 1 for front left door background lighting, Light 1 for front right door background lighting, Light 2 for front left door background lighting, Light 2 for front right door background lighting
1402
16. Bonnet contact switch, Interior monitoring sensor, Vehicle inclination sender, Alarm horn, Onboard supply control unit
1403
17. Rear driver side window regulator button, Rear driver side central locking lock unit, Onboard supply control unit, Rear driver side window regulator motor
1404
18. Rear passenger side window regulator button, Rear passenger side central locking lock unit, Onboard supply control unit, Rear passenger side window regulator motor
1405
19. Interior mirror, Rain sensor, Onboard supply control unit	1406
20. Onboard supply control unit, Data bus diagnostic interface, Dash panel insert	1407
106 - Convenience system , (L0L)	1408-1428
1. Convenience system , (L0L)	1408
2. Fuse holder A, Fuse holder C	1409
3. Terminal 15 voltage supply relay, Fuse holder A, Fuse holder B, Fuse holder C	1410
4. Operating unit for window regulator in driver door, Driver door control unit	1411
5. Mirror adjustment changeover switch, Operating unit for window regulator in driver door, Driver door control unit
1412
6. Driver side interior locking button for central locking system, Driver door control unit, Central locking SAFELOCK function warning lamp, Driver side window regulator motor, Driver side entry light
1413
7. Driver door control unit, Driver side exterior mirror	1414
8. Driver door control unit, Driver door lock unit	1415
9. Front passenger door control unit, Passenger side exterior mirror	1416
10. Front passenger door control unit, Front passenger door lock unit	1417
11. Front passenger side window regulator button, Front passenger door control unit, Front passenger side window regulator motor, Passenger side entry light
1418
12. Driver vanity mirror contact switch, Front passenger vanity mirror contact switch, Onboard supply control unit, Left footwell light, Right footwell light, Front passenger side illuminated vanity mirror, Driver side illuminated vanity mirror
1419
13. Onboard supply control unit, Front interior light, Front roof module	1420
14. Onboard supply control unit	1421
15. Rear lid handle release button, Rear lid contact switch for anti-theft alarm, Onboard supply control unit, Rear lid central locking motor, Luggage compartment light
1422
16. Onboard supply control unit, Light 1 for front left door background lighting, Light 1 for front right door background lighting, Light 2 for front left door background lighting, Light 2 for front right door background lighting
1423
